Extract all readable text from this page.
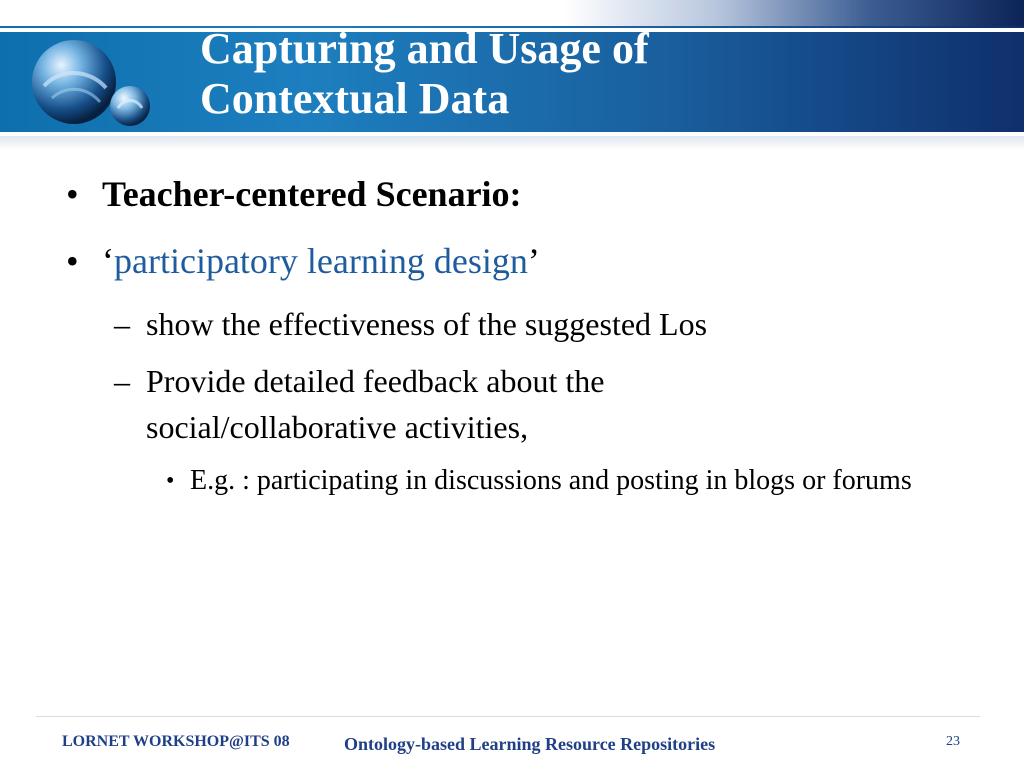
Capturing and Usage of
Contextual Data
• Teacher-centered Scenario:
• ‘participatory learning design’
– show the effectiveness of the suggested Los
– Provide detailed feedback about the social/collaborative activities,
• E.g. : participating in discussions and posting in blogs or forums
LORNET WORKSHOP@ITS 08	Ontology-based Learning Resource Repositories	23
